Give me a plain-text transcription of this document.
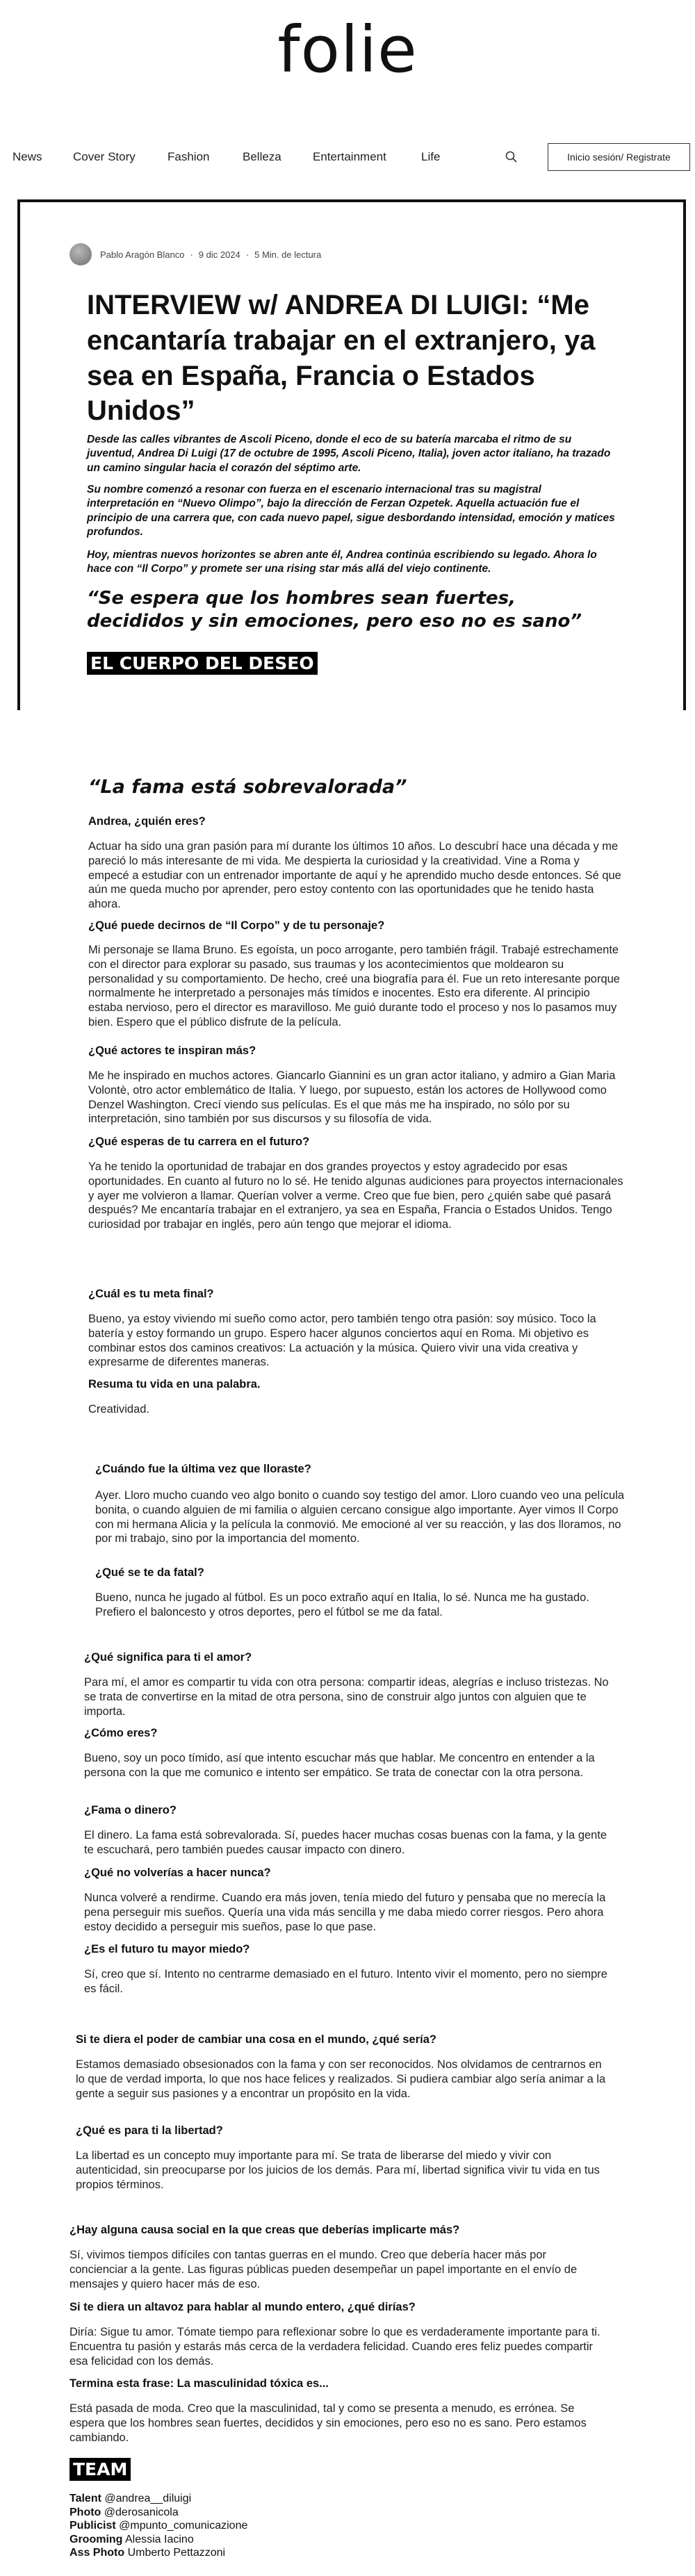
folie
News	Cover Story	Fashion	Belleza	Entertainment	Life	Inicio sesión/ Registrate
Pablo Aragón Blanco · 9 dic 2024 · 5 Min. de lectura
INTERVIEW w/ ANDREA DI LUIGI: “Me encantaría trabajar en el extranjero, ya sea en España, Francia o Estados Unidos”

Desde las calles vibrantes de Ascoli Piceno, donde el eco de su batería marcaba el ritmo de su juventud, Andrea Di Luigi (17 de octubre de 1995, Ascoli Piceno, Italia), joven actor italiano, ha trazado un camino singular hacia el corazón del séptimo arte.

Su nombre comenzó a resonar con fuerza en el escenario internacional tras su magistral interpretación en “Nuevo Olimpo”, bajo la dirección de Ferzan Ozpetek. Aquella actuación fue el principio de una carrera que, con cada nuevo papel, sigue desbordando intensidad, emoción y matices profundos.

Hoy, mientras nuevos horizontes se abren ante él, Andrea continúa escribiendo su legado. Ahora lo hace con “Il Corpo” y promete ser una rising star más allá del viejo continente.

“Se espera que los hombres sean fuertes, decididos y sin emociones, pero eso no es sano”
EL CUERPO DEL DESEO
“La fama está sobrevalorada”
Andrea, ¿quién eres?

Actuar ha sido una gran pasión para mí durante los últimos 10 años. Lo descubrí hace una década y me pareció lo más interesante de mi vida. Me despierta la curiosidad y la creatividad. Vine a Roma y empecé a estudiar con un entrenador importante de aquí y he aprendido mucho desde entonces. Sé que aún me queda mucho por aprender, pero estoy contento con las oportunidades que he tenido hasta ahora.

¿Qué puede decirnos de “Il Corpo” y de tu personaje?

Mi personaje se llama Bruno. Es egoísta, un poco arrogante, pero también frágil. Trabajé estrechamente con el director para explorar su pasado, sus traumas y los acontecimientos que moldearon su personalidad y su comportamiento. De hecho, creé una biografía para él. Fue un reto interesante porque normalmente he interpretado a personajes más tímidos e inocentes. Esto era diferente. Al principio estaba nervioso, pero el director es maravilloso. Me guió durante todo el proceso y nos lo pasamos muy bien. Espero que el público disfrute de la película.

¿Qué actores te inspiran más?

Me he inspirado en muchos actores. Giancarlo Giannini es un gran actor italiano, y admiro a Gian Maria Volontè, otro actor emblemático de Italia. Y luego, por supuesto, están los actores de Hollywood como Denzel Washington. Crecí viendo sus películas. Es el que más me ha inspirado, no sólo por su interpretación, sino también por sus discursos y su filosofía de vida.

¿Qué esperas de tu carrera en el futuro?

Ya he tenido la oportunidad de trabajar en dos grandes proyectos y estoy agradecido por esas oportunidades. En cuanto al futuro no lo sé. He tenido algunas audiciones para proyectos internacionales y ayer me volvieron a llamar. Querían volver a verme. Creo que fue bien, pero ¿quién sabe qué pasará después? Me encantaría trabajar en el extranjero, ya sea en España, Francia o Estados Unidos. Tengo curiosidad por trabajar en inglés, pero aún tengo que mejorar el idioma.

¿Cuál es tu meta final?

Bueno, ya estoy viviendo mi sueño como actor, pero también tengo otra pasión: soy músico. Toco la batería y estoy formando un grupo. Espero hacer algunos conciertos aquí en Roma. Mi objetivo es combinar estos dos caminos creativos: La actuación y la música. Quiero vivir una vida creativa y expresarme de diferentes maneras.

Resuma tu vida en una palabra.

Creatividad.

¿Cuándo fue la última vez que lloraste?

Ayer. Lloro mucho cuando veo algo bonito o cuando soy testigo del amor. Lloro cuando veo una película bonita, o cuando alguien de mi familia o alguien cercano consigue algo importante. Ayer vimos Il Corpo con mi hermana Alicia y la película la conmovió. Me emocioné al ver su reacción, y las dos lloramos, no por mi trabajo, sino por la importancia del momento.

¿Qué se te da fatal?

Bueno, nunca he jugado al fútbol. Es un poco extraño aquí en Italia, lo sé. Nunca me ha gustado. Prefiero el baloncesto y otros deportes, pero el fútbol se me da fatal.

¿Qué significa para ti el amor?

Para mí, el amor es compartir tu vida con otra persona: compartir ideas, alegrías e incluso tristezas. No se trata de convertirse en la mitad de otra persona, sino de construir algo juntos con alguien que te importa.

¿Cómo eres?

Bueno, soy un poco tímido, así que intento escuchar más que hablar. Me concentro en entender a la persona con la que me comunico e intento ser empático. Se trata de conectar con la otra persona.

¿Fama o dinero?

El dinero. La fama está sobrevalorada. Sí, puedes hacer muchas cosas buenas con la fama, y la gente te escuchará, pero también puedes causar impacto con dinero.

¿Qué no volverías a hacer nunca?

Nunca volveré a rendirme. Cuando era más joven, tenía miedo del futuro y pensaba que no merecía la pena perseguir mis sueños. Quería una vida más sencilla y me daba miedo correr riesgos. Pero ahora estoy decidido a perseguir mis sueños, pase lo que pase.

¿Es el futuro tu mayor miedo?

Sí, creo que sí. Intento no centrarme demasiado en el futuro. Intento vivir el momento, pero no siempre es fácil.

Si te diera el poder de cambiar una cosa en el mundo, ¿qué sería?

Estamos demasiado obsesionados con la fama y con ser reconocidos. Nos olvidamos de centrarnos en lo que de verdad importa, lo que nos hace felices y realizados. Si pudiera cambiar algo sería animar a la gente a seguir sus pasiones y a encontrar un propósito en la vida.

¿Qué es para ti la libertad?

La libertad es un concepto muy importante para mí. Se trata de liberarse del miedo y vivir con autenticidad, sin preocuparse por los juicios de los demás. Para mí, libertad significa vivir tu vida en tus propios términos.

¿Hay alguna causa social en la que creas que deberías implicarte más?

Sí, vivimos tiempos difíciles con tantas guerras en el mundo. Creo que debería hacer más por concienciar a la gente. Las figuras públicas pueden desempeñar un papel importante en el envío de mensajes y quiero hacer más de eso.

Si te diera un altavoz para hablar al mundo entero, ¿qué dirías?

Diría: Sigue tu amor. Tómate tiempo para reflexionar sobre lo que es verdaderamente importante para ti. Encuentra tu pasión y estarás más cerca de la verdadera felicidad. Cuando eres feliz puedes compartir esa felicidad con los demás.

Termina esta frase: La masculinidad tóxica es...

Está pasada de moda. Creo que la masculinidad, tal y como se presenta a menudo, es errónea. Se espera que los hombres sean fuertes, decididos y sin emociones, pero eso no es sano. Pero estamos cambiando.

TEAM
Talent @andrea__diluigi
Photo @derosanicola
Publicist @mpunto_comunicazione
Grooming Alessia Iacino
Ass Photo Umberto Pettazzoni
